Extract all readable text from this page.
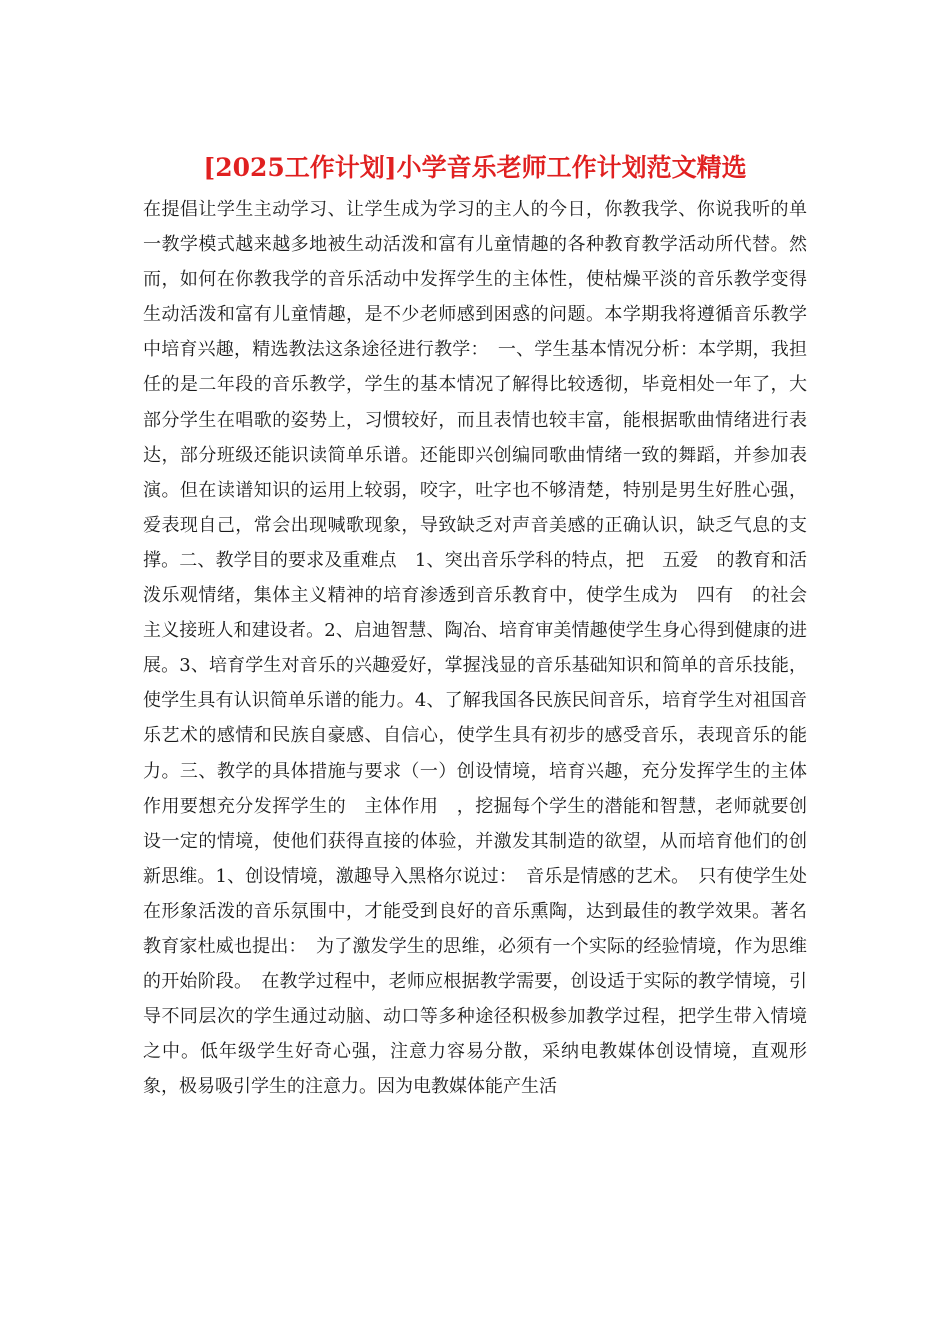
[2025工作计划]小学音乐老师工作计划范文精选

在提倡让学生主动学习、让学生成为学习的主人的今日，你教我学、你说我听的单一教学模式越来越多地被生动活泼和富有儿童情趣的各种教育教学活动所代替。然而，如何在你教我学的音乐活动中发挥学生的主体性，使枯燥平淡的音乐教学变得生动活泼和富有儿童情趣，是不少老师感到困惑的问题。本学期我将遵循音乐教学中培育兴趣，精选教法这条途径进行教学：　一、学生基本情况分析：本学期，我担任的是二年段的音乐教学，学生的基本情况了解得比较透彻，毕竟相处一年了，大部分学生在唱歌的姿势上，习惯较好，而且表情也较丰富，能根据歌曲情绪进行表达，部分班级还能识读简单乐谱。还能即兴创编同歌曲情绪一致的舞蹈，并参加表演。但在读谱知识的运用上较弱，咬字，吐字也不够清楚，特别是男生好胜心强，爱表现自己，常会出现喊歌现象，导致缺乏对声音美感的正确认识，缺乏气息的支撑。二、教学目的要求及重难点　1、突出音乐学科的特点，把　五爱　的教育和活泼乐观情绪，集体主义精神的培育渗透到音乐教育中，使学生成为　四有　的社会主义接班人和建设者。2、启迪智慧、陶冶、培育审美情趣使学生身心得到健康的进展。3、培育学生对音乐的兴趣爱好，掌握浅显的音乐基础知识和简单的音乐技能，使学生具有认识简单乐谱的能力。4、了解我国各民族民间音乐，培育学生对祖国音乐艺术的感情和民族自豪感、自信心，使学生具有初步的感受音乐，表现音乐的能力。三、教学的具体措施与要求（一）创设情境，培育兴趣，充分发挥学生的主体作用要想充分发挥学生的　主体作用　，挖掘每个学生的潜能和智慧，老师就要创设一定的情境，使他们获得直接的体验，并激发其制造的欲望，从而培育他们的创新思维。1、创设情境，激趣导入黑格尔说过：　音乐是情感的艺术。　只有使学生处在形象活泼的音乐氛围中，才能受到良好的音乐熏陶，达到最佳的教学效果。著名教育家杜威也提出：　为了激发学生的思维，必须有一个实际的经验情境，作为思维的开始阶段。　在教学过程中，老师应根据教学需要，创设适于实际的教学情境，引导不同层次的学生通过动脑、动口等多种途径积极参加教学过程，把学生带入情境之中。低年级学生好奇心强，注意力容易分散，采纳电教媒体创设情境，直观形象，极易吸引学生的注意力。因为电教媒体能产生活
